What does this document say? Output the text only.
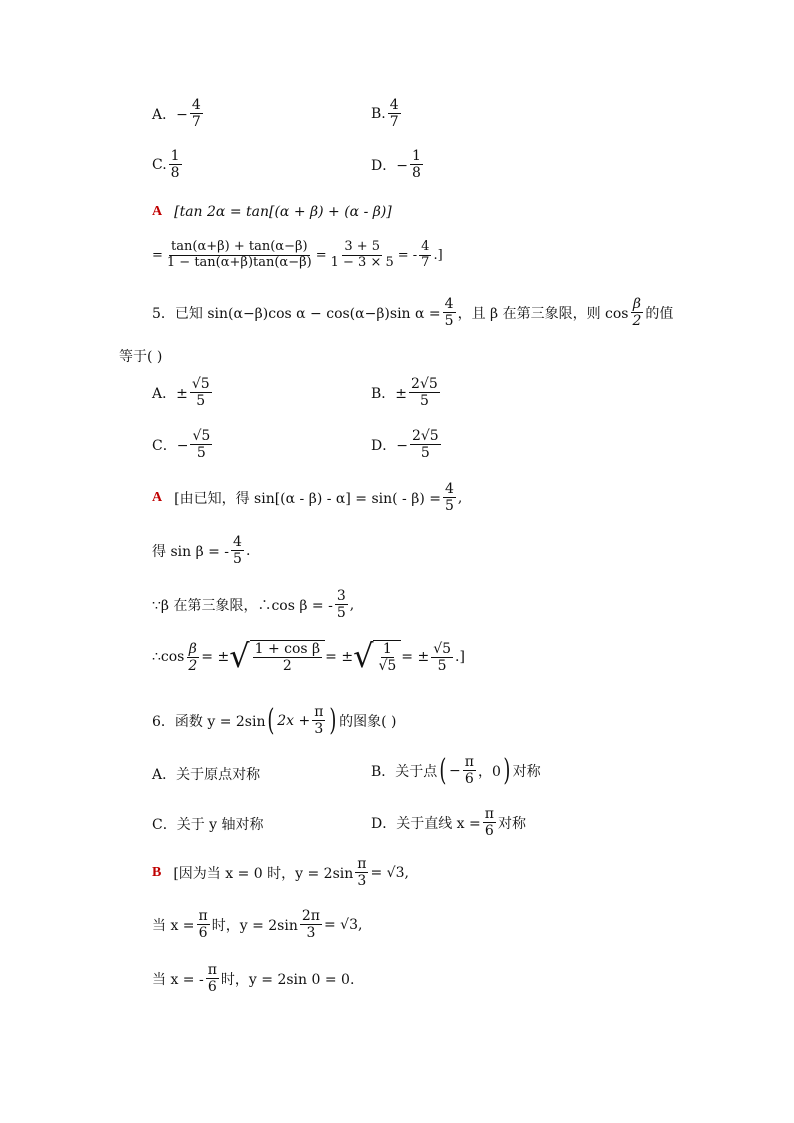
A．− $\frac{4}{7}$	B. $\frac{4}{7}$
C. $\frac{1}{8}$	D．− $\frac{1}{8}$
A [tan 2α = tan[(α + β) + (α - β)]
= $\frac{\tan(\alpha+\beta) + \tan(\alpha-\beta)}{1 - \tan(\alpha+\beta)\tan(\alpha-\beta)} = \frac{3 + 5}{1 - 3 \times 5}$ = - $\frac{4}{7}$ .]
5．已知 sin(α−β)cos α − cos(α−β)sin $\alpha = \frac{4}{5}$ ，且 β 在第三象限，则 $\cos \frac{\beta}{2}$ 的值
等于( )
A．± $\frac{√5}{5}$	B．± $\frac{2√5}{5}$
C．− $\frac{√5}{5}$	D．− $\frac{2√5}{5}$
A [由已知，得 $\sin[(\alpha - \beta) - \alpha] = \sin( - \beta) = \frac{4}{5}$ ,
得 sin β = - $\frac{4}{5}$ .
∵β 在第三象限，∴cos β = - $\frac{3}{5}$ ,
∴cos $\frac{\beta}{2}$ = ± √ $\frac{\text{1 + cos β}}{2}$ = ± √ $\frac{1}{√5}$ = ± $\frac{√5}{5}$ .]
6．函数 y = 2sin ( $2x + \frac{\pi}{3}$ ) 的图象( )
A．关于原点对称	B．关于点 ( − $\frac{\pi}{6}$ ，0 ) 对称
C．关于 y 轴对称	D．关于直线 $x = \frac{\pi}{6}$ 对称
B [因为当 x = 0 时，$y = 2\sin \frac{\pi}{3} = √3$,
当 $x = \frac{\pi}{6}$ 时，$y = 2\sin \frac{2\pi}{3} = √3$,
当 x = - $\frac{\pi}{6}$ 时，y = 2sin 0 = 0.
